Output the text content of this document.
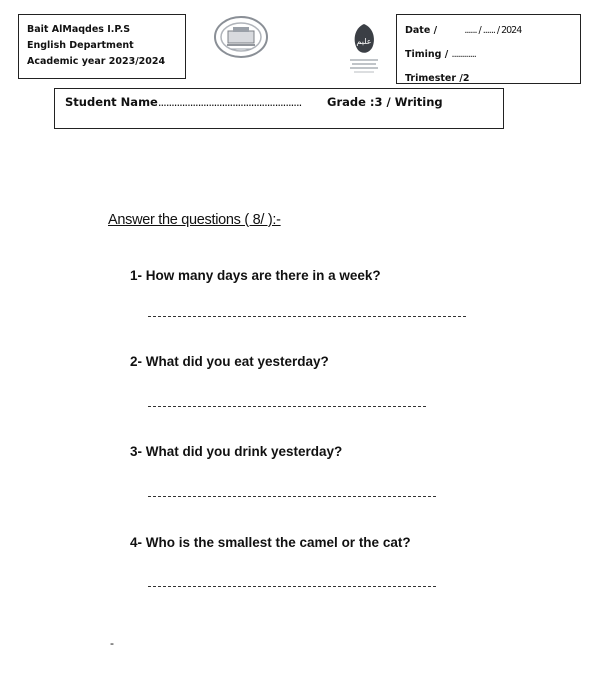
Bait AlMaqdes I.P.S
English Department
Academic year 2023/2024
عليم
Date /	...... / ...... / 2024
Timing / ............
Trimester /2
Student Name...................................................... Grade :3 / Writing
Answer the questions ( 8/ ):-
1- How many days are there in a week?
2- What did you eat yesterday?
3- What did you drink yesterday?
4- Who is the smallest the camel or the cat?
-
